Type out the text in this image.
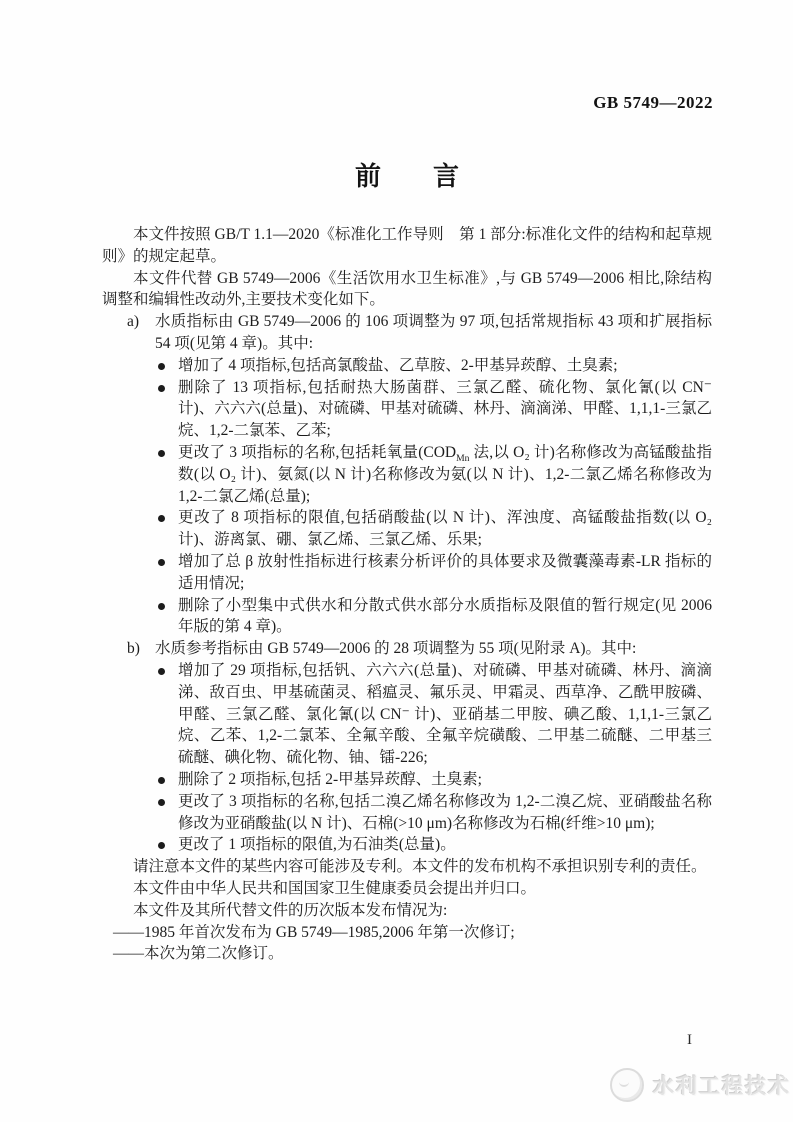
GB 5749—2022
前　　言
本文件按照 GB/T 1.1—2020《标准化工作导则　第 1 部分:标准化文件的结构和起草规则》的规定起草。
本文件代替 GB 5749—2006《生活饮用水卫生标准》,与 GB 5749—2006 相比,除结构调整和编辑性改动外,主要技术变化如下。
a) 水质指标由 GB 5749—2006 的 106 项调整为 97 项,包括常规指标 43 项和扩展指标 54 项(见第 4 章)。其中:
增加了 4 项指标,包括高氯酸盐、乙草胺、2-甲基异莰醇、土臭素;
删除了 13 项指标,包括耐热大肠菌群、三氯乙醛、硫化物、氯化氰(以 CN⁻ 计)、六六六(总量)、对硫磷、甲基对硫磷、林丹、滴滴涕、甲醛、1,1,1-三氯乙烷、1,2-二氯苯、乙苯;
更改了 3 项指标的名称,包括耗氧量($COD_{Mn}$ 法,以 O₂ 计)名称修改为高锰酸盐指数(以 O₂ 计)、氨氮(以 N 计)名称修改为氨(以 N 计)、1,2-二氯乙烯名称修改为 1,2-二氯乙烯(总量);
更改了 8 项指标的限值,包括硝酸盐(以 N 计)、浑浊度、高锰酸盐指数(以 O₂ 计)、游离氯、硼、氯乙烯、三氯乙烯、乐果;
增加了总 β 放射性指标进行核素分析评价的具体要求及微囊藻毒素-LR 指标的适用情况;
删除了小型集中式供水和分散式供水部分水质指标及限值的暂行规定(见 2006 年版的第 4 章)。
b) 水质参考指标由 GB 5749—2006 的 28 项调整为 55 项(见附录 A)。其中:
增加了 29 项指标,包括钒、六六六(总量)、对硫磷、甲基对硫磷、林丹、滴滴涕、敌百虫、甲基硫菌灵、稻瘟灵、氟乐灵、甲霜灵、西草净、乙酰甲胺磷、甲醛、三氯乙醛、氯化氰(以 CN⁻ 计)、亚硝基二甲胺、碘乙酸、1,1,1-三氯乙烷、乙苯、1,2-二氯苯、全氟辛酸、全氟辛烷磺酸、二甲基二硫醚、二甲基三硫醚、碘化物、硫化物、铀、镭-226;
删除了 2 项指标,包括 2-甲基异莰醇、土臭素;
更改了 3 项指标的名称,包括二溴乙烯名称修改为 1,2-二溴乙烷、亚硝酸盐名称修改为亚硝酸盐(以 N 计)、石棉(>10 μm)名称修改为石棉(纤维>10 μm);
更改了 1 项指标的限值,为石油类(总量)。
请注意本文件的某些内容可能涉及专利。本文件的发布机构不承担识别专利的责任。
本文件由中华人民共和国国家卫生健康委员会提出并归口。
本文件及其所代替文件的历次版本发布情况为:
——1985 年首次发布为 GB 5749—1985,2006 年第一次修订;
——本次为第二次修订。
I
水利工程技术
